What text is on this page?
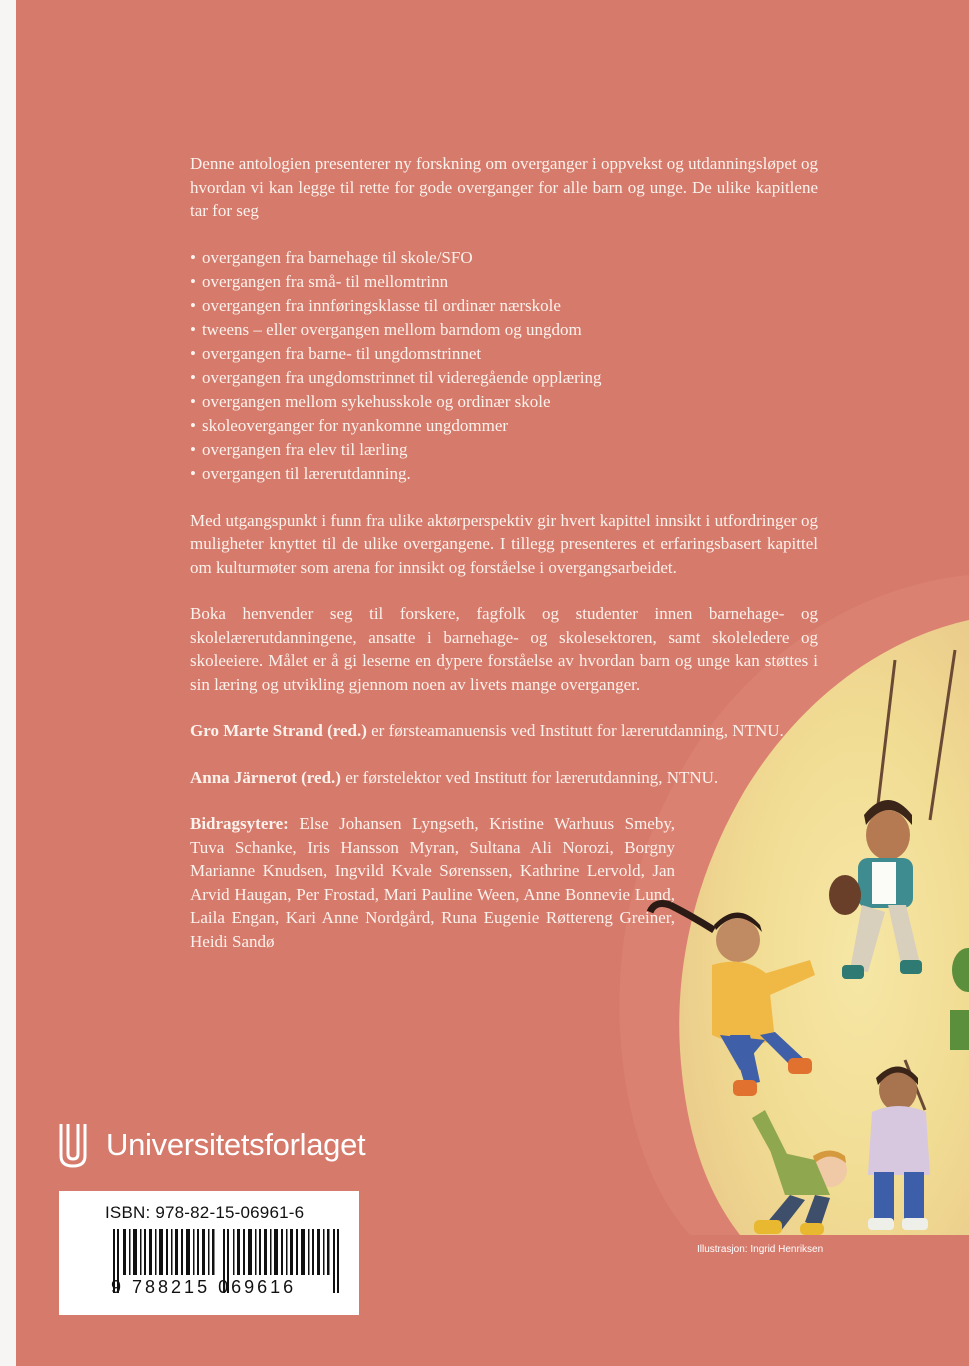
Denne antologien presenterer ny forskning om overganger i oppvekst og utdanningsløpet og hvordan vi kan legge til rette for gode overganger for alle barn og unge. De ulike kapitlene tar for seg

• overgangen fra barnehage til skole/SFO
• overgangen fra små- til mellomtrinn
• overgangen fra innføringsklasse til ordinær nærskole
• tweens – eller overgangen mellom barndom og ungdom
• overgangen fra barne- til ungdomstrinnet
• overgangen fra ungdomstrinnet til videregående opplæring
• overgangen mellom sykehusskole og ordinær skole
• skoleoverganger for nyankomne ungdommer
• overgangen fra elev til lærling
• overgangen til lærerutdanning.

Med utgangspunkt i funn fra ulike aktørperspektiv gir hvert kapittel innsikt i utfordringer og muligheter knyttet til de ulike overgangene. I tillegg presenteres et erfaringsbasert kapittel om kulturmøter som arena for innsikt og forståelse i overgangsarbeidet.

Boka henvender seg til forskere, fagfolk og studenter innen barnehage- og skolelærerutdanningene, ansatte i barnehage- og skolesektoren, samt skoleledere og skoleeiere. Målet er å gi leserne en dypere forståelse av hvordan barn og unge kan støttes i sin læring og utvikling gjennom noen av livets mange overganger.

Gro Marte Strand (red.) er førsteamanuensis ved Institutt for lærerutdanning, NTNU.

Anna Järnerot (red.) er førstelektor ved Institutt for lærerutdanning, NTNU.

Bidragsytere: Else Johansen Lyngseth, Kristine Warhuus Smeby, Tuva Schanke, Iris Hansson Myran, Sultana Ali Norozi, Borgny Marianne Knudsen, Ingvild Kvale Sørenssen, Kathrine Lervold, Jan Arvid Haugan, Per Frostad, Mari Pauline Ween, Anne Bonnevie Lund, Laila Engan, Kari Anne Nordgård, Runa Eugenie Røttereng Greiner, Heidi Sandø

Universitetsforlaget
ISBN: 978-82-15-06961-6
9 788215 069616
Illustrasjon: Ingrid Henriksen
